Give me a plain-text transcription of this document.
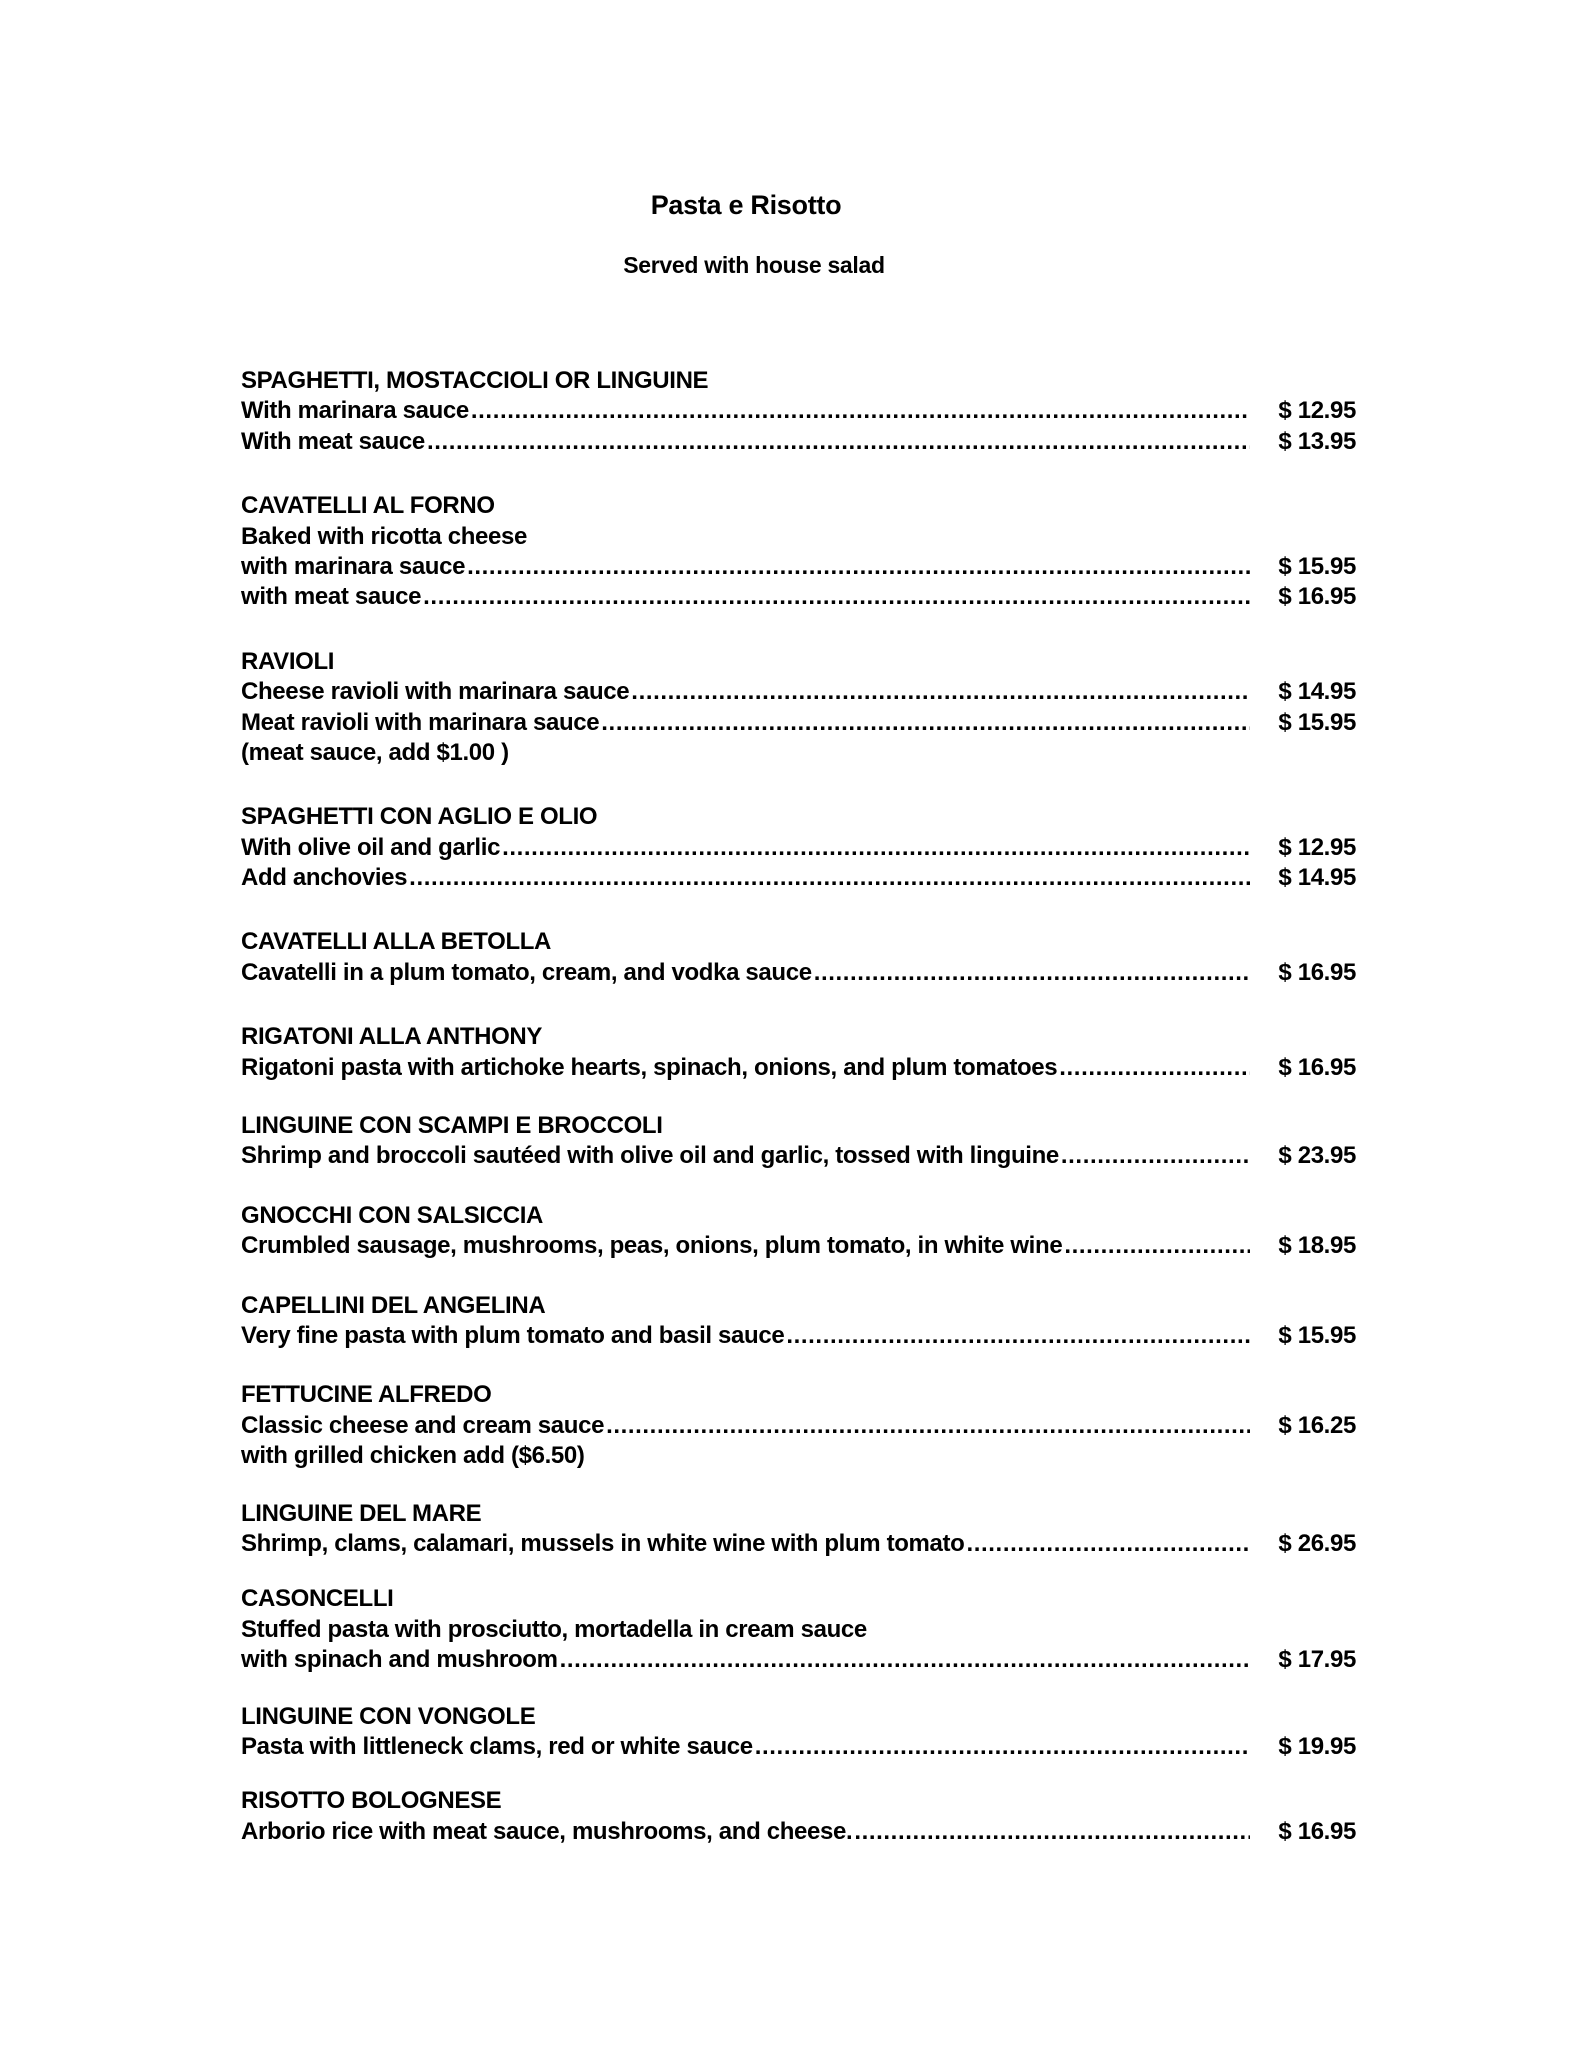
Pasta e Risotto
Served with house salad
SPAGHETTI, MOSTACCIOLI OR LINGUINE
With marinara sauce .....	$ 12.95
With meat sauce .....	$ 13.95
CAVATELLI AL FORNO
Baked with ricotta cheese
with marinara sauce .....	$ 15.95
with meat sauce .....	$ 16.95
RAVIOLI
Cheese ravioli with marinara sauce .....	$ 14.95
Meat ravioli with marinara sauce .....	$ 15.95
(meat sauce, add $1.00 )
SPAGHETTI CON AGLIO E OLIO
With olive oil and garlic .....	$ 12.95
Add anchovies .....	$ 14.95
CAVATELLI ALLA BETOLLA
Cavatelli in a plum tomato, cream, and vodka sauce .....	$ 16.95
RIGATONI ALLA ANTHONY
Rigatoni pasta with artichoke hearts, spinach, onions, and plum tomatoes .....	$ 16.95
LINGUINE CON SCAMPI E BROCCOLI
Shrimp and broccoli sautéed with olive oil and garlic, tossed with linguine .....	$ 23.95
GNOCCHI CON SALSICCIA
Crumbled sausage, mushrooms, peas, onions, plum tomato, in white wine .....	$ 18.95
CAPELLINI DEL ANGELINA
Very fine pasta with plum tomato and basil sauce .....	$ 15.95
FETTUCINE ALFREDO
Classic cheese and cream sauce .....	$ 16.25
with grilled chicken add ($6.50)
LINGUINE DEL MARE
Shrimp, clams, calamari, mussels in white wine with plum tomato .....	$ 26.95
CASONCELLI
Stuffed pasta with prosciutto, mortadella in cream sauce
with spinach and mushroom .....	$ 17.95
LINGUINE CON VONGOLE
Pasta with littleneck clams, red or white sauce .....	$ 19.95
RISOTTO BOLOGNESE
Arborio rice with meat sauce, mushrooms, and cheese. .....	$ 16.95
